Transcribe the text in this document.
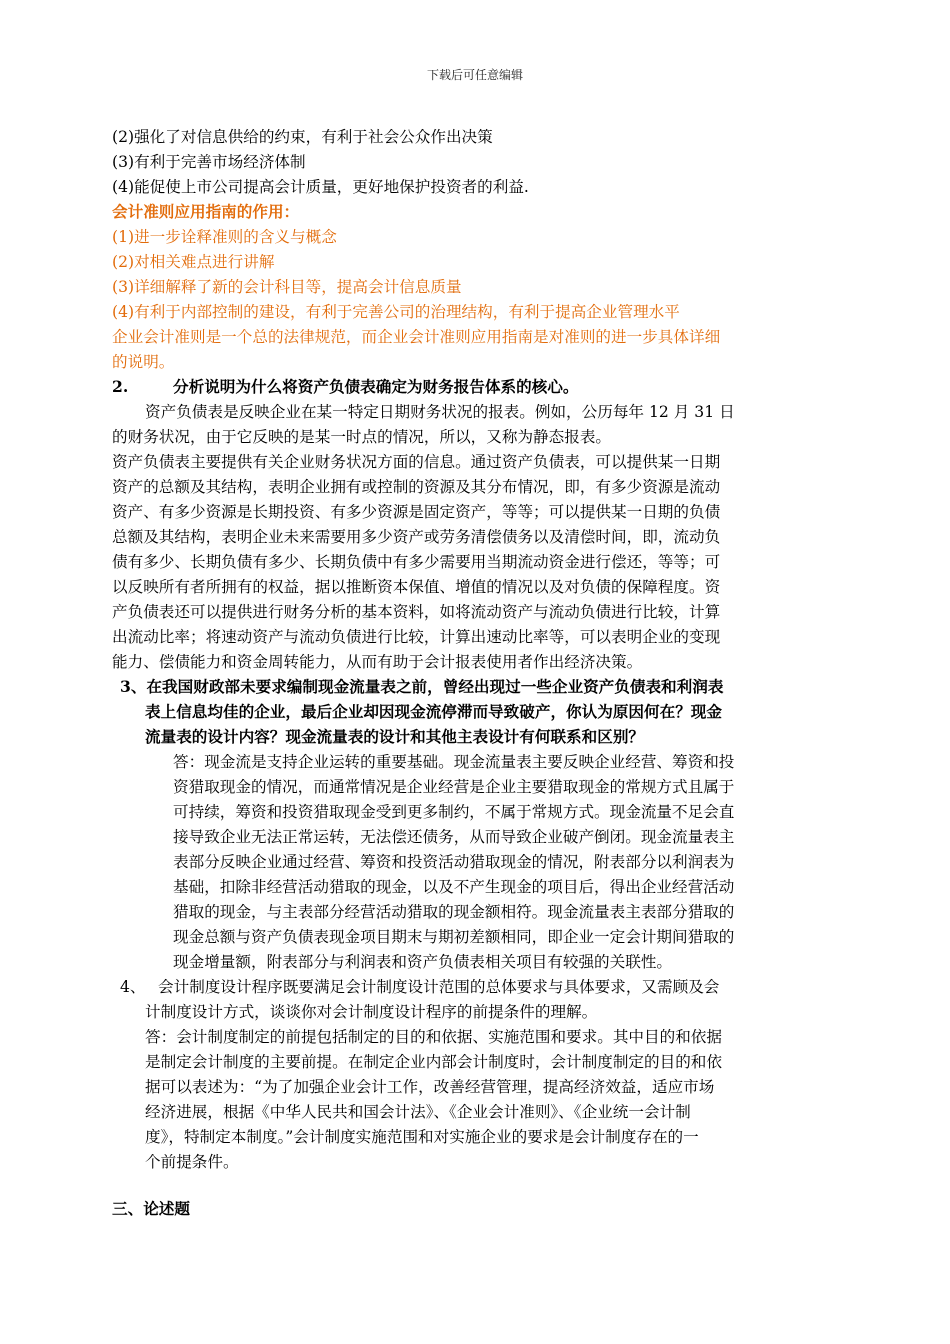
下载后可任意编辑
(2)强化了对信息供给的约束，有利于社会公众作出决策
(3)有利于完善市场经济体制
(4)能促使上市公司提高会计质量，更好地保护投资者的利益.
会计准则应用指南的作用：
(1)进一步诠释准则的含义与概念
(2)对相关难点进行讲解
(3)详细解释了新的会计科目等，提高会计信息质量
(4)有利于内部控制的建设，有利于完善公司的治理结构，有利于提高企业管理水平
企业会计准则是一个总的法律规范，而企业会计准则应用指南是对准则的进一步具体详细
的说明。
2.	分析说明为什么将资产负债表确定为财务报告体系的核心。
资产负债表是反映企业在某一特定日期财务状况的报表。例如，公历每年 12 月 31 日
的财务状况，由于它反映的是某一时点的情况，所以，又称为静态报表。
资产负债表主要提供有关企业财务状况方面的信息。通过资产负债表，可以提供某一日期
资产的总额及其结构，表明企业拥有或控制的资源及其分布情况，即，有多少资源是流动
资产、有多少资源是长期投资、有多少资源是固定资产，等等；可以提供某一日期的负债
总额及其结构，表明企业未来需要用多少资产或劳务清偿债务以及清偿时间，即，流动负
债有多少、长期负债有多少、长期负债中有多少需要用当期流动资金进行偿还，等等；可
以反映所有者所拥有的权益，据以推断资本保值、增值的情况以及对负债的保障程度。资
产负债表还可以提供进行财务分析的基本资料，如将流动资产与流动负债进行比较，计算
出流动比率；将速动资产与流动负债进行比较，计算出速动比率等，可以表明企业的变现
能力、偿债能力和资金周转能力，从而有助于会计报表使用者作出经济决策。
3、在我国财政部未要求编制现金流量表之前，曾经出现过一些企业资产负债表和利润表
表上信息均佳的企业，最后企业却因现金流停滞而导致破产，你认为原因何在？现金
流量表的设计内容？现金流量表的设计和其他主表设计有何联系和区别？
答：现金流是支持企业运转的重要基础。现金流量表主要反映企业经营、筹资和投
资猎取现金的情况，而通常情况是企业经营是企业主要猎取现金的常规方式且属于
可持续，筹资和投资猎取现金受到更多制约，不属于常规方式。现金流量不足会直
接导致企业无法正常运转，无法偿还债务，从而导致企业破产倒闭。现金流量表主
表部分反映企业通过经营、筹资和投资活动猎取现金的情况，附表部分以利润表为
基础，扣除非经营活动猎取的现金，以及不产生现金的项目后，得出企业经营活动
猎取的现金，与主表部分经营活动猎取的现金额相符。现金流量表主表部分猎取的
现金总额与资产负债表现金项目期末与期初差额相同，即企业一定会计期间猎取的
现金增量额，附表部分与利润表和资产负债表相关项目有较强的关联性。
4、 会计制度设计程序既要满足会计制度设计范围的总体要求与具体要求，又需顾及会
计制度设计方式，谈谈你对会计制度设计程序的前提条件的理解。
答：会计制度制定的前提包括制定的目的和依据、实施范围和要求。其中目的和依据
是制定会计制度的主要前提。在制定企业内部会计制度时，会计制度制定的目的和依
据可以表述为：“为了加强企业会计工作，改善经营管理，提高经济效益，适应市场
经济进展，根据《中华人民共和国会计法》、《企业会计准则》、《企业统一会计制
度》，特制定本制度。”会计制度实施范围和对实施企业的要求是会计制度存在的一
个前提条件。
三、论述题
